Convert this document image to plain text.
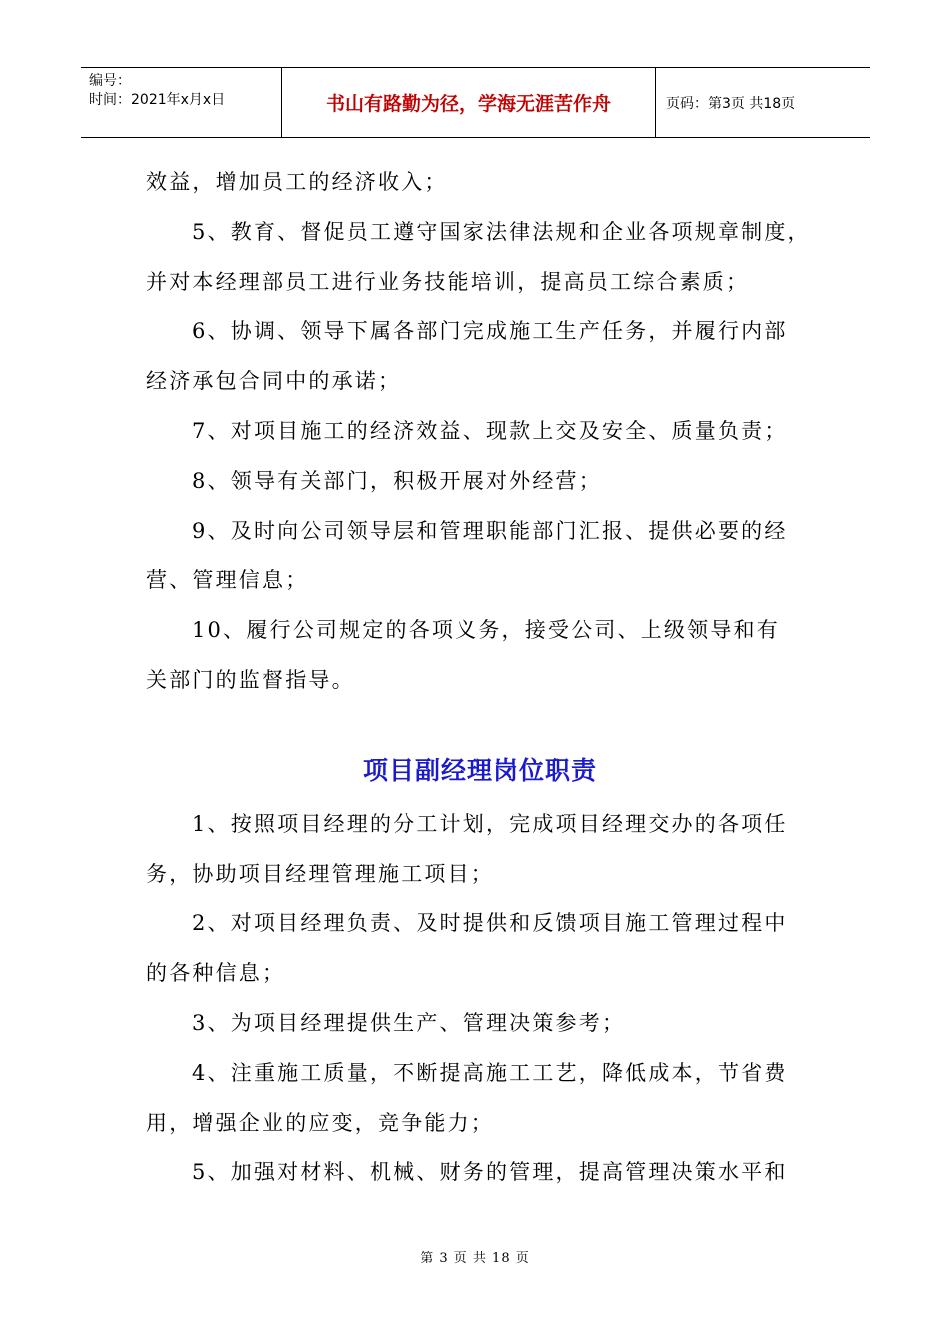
编号：
时间：2021年x月x日	书山有路勤为径，学海无涯苦作舟	页码：第3页 共18页

效益，增加员工的经济收入；

5、教育、督促员工遵守国家法律法规和企业各项规章制度，

并对本经理部员工进行业务技能培训，提高员工综合素质；

6、协调、领导下属各部门完成施工生产任务，并履行内部

经济承包合同中的承诺；

7、对项目施工的经济效益、现款上交及安全、质量负责；

8、领导有关部门，积极开展对外经营；

9、及时向公司领导层和管理职能部门汇报、提供必要的经

营、管理信息；

10、履行公司规定的各项义务，接受公司、上级领导和有

关部门的监督指导。

项目副经理岗位职责

1、按照项目经理的分工计划，完成项目经理交办的各项任

务，协助项目经理管理施工项目；

2、对项目经理负责、及时提供和反馈项目施工管理过程中

的各种信息；

3、为项目经理提供生产、管理决策参考；

4、注重施工质量，不断提高施工工艺，降低成本，节省费

用，增强企业的应变，竞争能力；

5、加强对材料、机械、财务的管理，提高管理决策水平和

第 3 页 共 18 页
